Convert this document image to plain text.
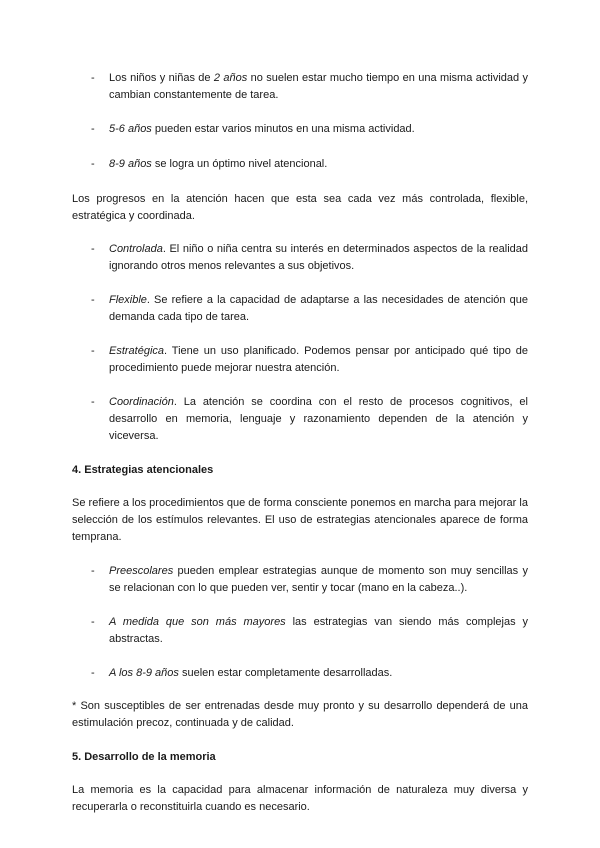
- Los niños y niñas de 2 años no suelen estar mucho tiempo en una misma actividad y cambian constantemente de tarea.
- 5-6 años pueden estar varios minutos en una misma actividad.
- 8-9 años se logra un óptimo nivel atencional.
Los progresos en la atención hacen que esta sea cada vez más controlada, flexible, estratégica y coordinada.
- Controlada. El niño o niña centra su interés en determinados aspectos de la realidad ignorando otros menos relevantes a sus objetivos.
- Flexible. Se refiere a la capacidad de adaptarse a las necesidades de atención que demanda cada tipo de tarea.
- Estratégica. Tiene un uso planificado. Podemos pensar por anticipado qué tipo de procedimiento puede mejorar nuestra atención.
- Coordinación. La atención se coordina con el resto de procesos cognitivos, el desarrollo en memoria, lenguaje y razonamiento dependen de la atención y viceversa.
4. Estrategias atencionales
Se refiere a los procedimientos que de forma consciente ponemos en marcha para mejorar la selección de los estímulos relevantes. El uso de estrategias atencionales aparece de forma temprana.
- Preescolares pueden emplear estrategias aunque de momento son muy sencillas y se relacionan con lo que pueden ver, sentir y tocar (mano en la cabeza..).
- A medida que son más mayores las estrategias van siendo más complejas y abstractas.
- A los 8-9 años suelen estar completamente desarrolladas.
* Son susceptibles de ser entrenadas desde muy pronto y su desarrollo dependerá de una estimulación precoz, continuada y de calidad.
5. Desarrollo de la memoria
La memoria es la capacidad para almacenar información de naturaleza muy diversa y recuperarla o reconstituirla cuando es necesario.
